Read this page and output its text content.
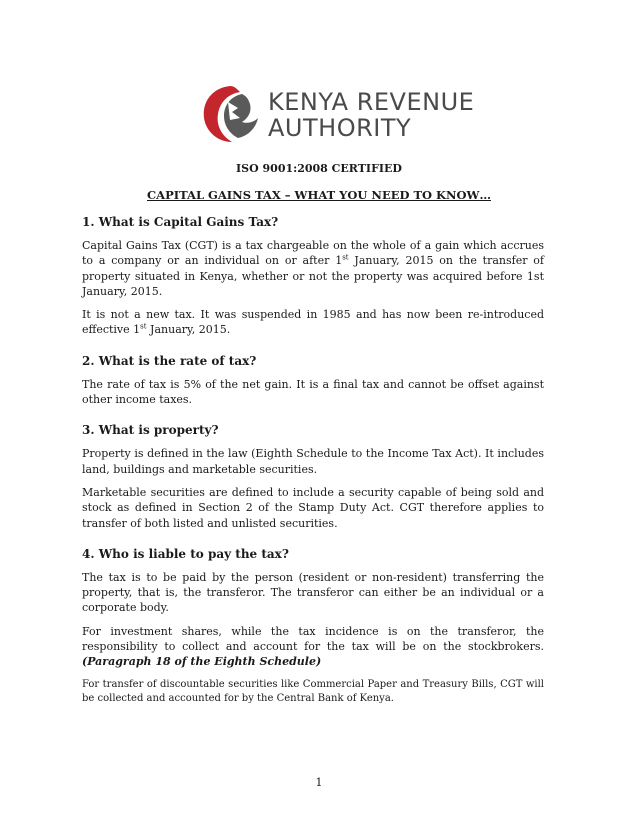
KENYA REVENUE
AUTHORITY
ISO 9001:2008 CERTIFIED
CAPITAL GAINS TAX – WHAT YOU NEED TO KNOW…

1. What is Capital Gains Tax?

Capital Gains Tax (CGT) is a tax chargeable on the whole of a gain which accrues to a company or an individual on or after 1st January, 2015 on the transfer of property situated in Kenya, whether or not the property was acquired before 1st January, 2015.

It is not a new tax. It was suspended in 1985 and has now been re-introduced effective 1st January, 2015.

2. What is the rate of tax?

The rate of tax is 5% of the net gain. It is a final tax and cannot be offset against other income taxes.

3. What is property?

Property is defined in the law (Eighth Schedule to the Income Tax Act). It includes land, buildings and marketable securities.

Marketable securities are defined to include a security capable of being sold and stock as defined in Section 2 of the Stamp Duty Act. CGT therefore applies to transfer of both listed and unlisted securities.

4. Who is liable to pay the tax?

The tax is to be paid by the person (resident or non-resident) transferring the property, that is, the transferor. The transferor can either be an individual or a corporate body.

For investment shares, while the tax incidence is on the transferor, the responsibility to collect and account for the tax will be on the stockbrokers. (Paragraph 18 of the Eighth Schedule)

For transfer of discountable securities like Commercial Paper and Treasury Bills, CGT will be collected and accounted for by the Central Bank of Kenya.

1
